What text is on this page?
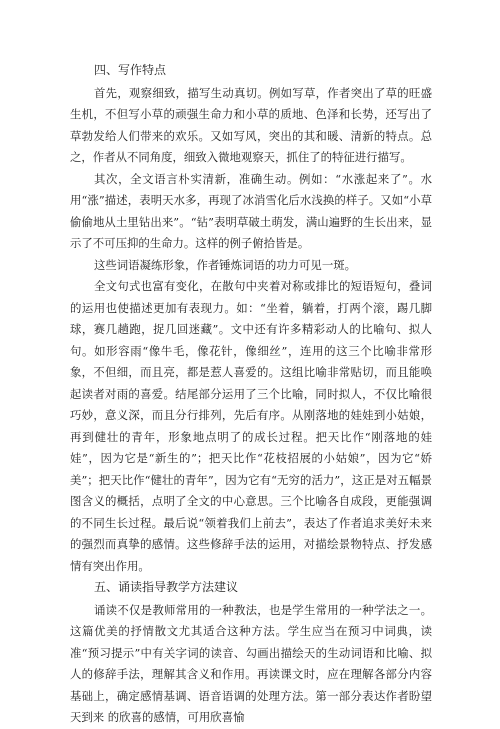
四、写作特点

首先，观察细致，描写生动真切。例如写草，作者突出了草的旺盛生机，不但写小草的顽强生命力和小草的质地、色泽和长势，还写出了草勃发给人们带来的欢乐。又如写风，突出的其和暖、清新的特点。总之，作者从不同角度，细致入微地观察天，抓住了的特征进行描写。

其次，全文语言朴实清新，准确生动。例如：“水涨起来了”。水用“涨”描述，表明天水多，再现了冰消雪化后水浅换的样子。又如“小草偷偷地从土里钻出来”。“钻”表明草破土萌发，满山遍野的生长出来，显示了不可压抑的生命力。这样的例子俯拾皆是。

这些词语凝练形象，作者锤炼词语的功力可见一斑。

全文句式也富有变化，在散句中夹着对称或排比的短语短句，叠词的运用也使描述更加有表现力。如：“坐着，躺着，打两个滚，踢几脚球，赛几趟跑，捉几回迷藏”。文中还有许多精彩动人的比喻句、拟人句。如形容雨“像牛毛，像花针，像细丝”，连用的这三个比喻非常形象，不但细，而且亮，都是惹人喜爱的。这组比喻非常贴切，而且能唤起读者对雨的喜爱。结尾部分运用了三个比喻，同时拟人，不仅比喻很巧妙，意义深，而且分行排列，先后有序。从刚落地的娃娃到小姑娘，再到健壮的青年，形象地点明了的成长过程。把天比作“刚落地的娃娃”，因为它是“新生的”；把天比作“花枝招展的小姑娘”，因为它“娇美”；把天比作“健壮的青年”，因为它有“无穷的活力”，这正是对五幅景图含义的概括，点明了全文的中心意思。三个比喻各自成段，更能强调的不同生长过程。最后说“领着我们上前去”，表达了作者追求美好未来的强烈而真挚的感情。这些修辞手法的运用，对描绘景物特点、抒发感情有突出作用。

五、诵读指导教学方法建议

诵读不仅是教师常用的一种教法，也是学生常用的一种学法之一。这篇优美的抒情散文尤其适合这种方法。学生应当在预习中词典，读准“预习提示”中有关字词的读音、勾画出描绘天的生动词语和比喻、拟人的修辞手法，理解其含义和作用。再读课文时，应在理解各部分内容基础上，确定感情基调、语音语调的处理方法。第一部分表达作者盼望天到来 的欣喜的感情，可用欣喜愉
